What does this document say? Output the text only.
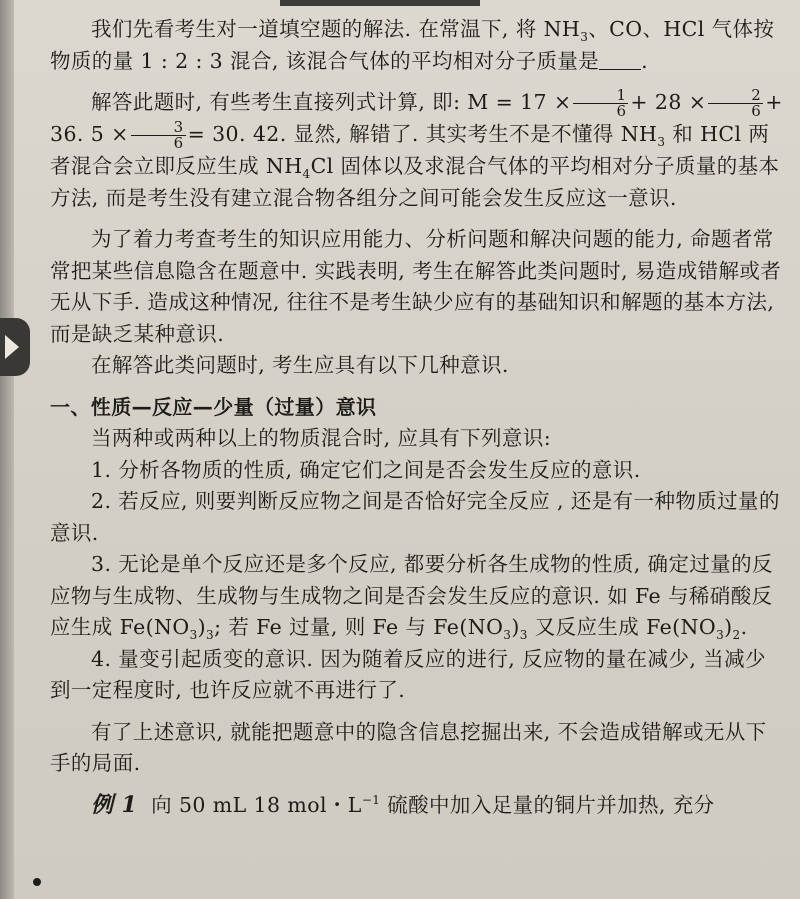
我们先看考生对一道填空题的解法. 在常温下, 将 $NH_3$、CO、HCl 气体按物质的量 1 : 2 : 3 混合, 该混合气体的平均相对分子质量是 .

解答此题时, 有些考生直接列式计算, 即: $M = 17 \times \frac{1}{6} + 28 \times \frac{2}{6} + 36$. $5 \times \frac{3}{6} = 30$. 42. 显然, 解错了. 其实考生不是不懂得 $NH_3$ 和 HCl 两者混合会立即反应生成 $NH_4Cl$ 固体以及求混合气体的平均相对分子质量的基本方法, 而是考生没有建立混合物各组分之间可能会发生反应这一意识.

为了着力考查考生的知识应用能力、分析问题和解决问题的能力, 命题者常常把某些信息隐含在题意中. 实践表明, 考生在解答此类问题时, 易造成错解或者无从下手. 造成这种情况, 往往不是考生缺少应有的基础知识和解题的基本方法, 而是缺乏某种意识.

在解答此类问题时, 考生应具有以下几种意识.

一、性质—反应—少量（过量）意识

当两种或两种以上的物质混合时, 应具有下列意识:

1. 分析各物质的性质, 确定它们之间是否会发生反应的意识.

2. 若反应, 则要判断反应物之间是否恰好完全反应 , 还是有一种物质过量的意识.

3. 无论是单个反应还是多个反应, 都要分析各生成物的性质, 确定过量的反应物与生成物、生成物与生成物之间是否会发生反应的意识. 如 Fe 与稀硝酸反应生成 $Fe(NO_3)_3$; 若 Fe 过量, 则 Fe 与 $Fe(NO_3)_3$ 又反应生成 $Fe(NO_3)_2$.

4. 量变引起质变的意识. 因为随着反应的进行, 反应物的量在减少, 当减少到一定程度时, 也许反应就不再进行了.

有了上述意识, 就能把题意中的隐含信息挖掘出来, 不会造成错解或无从下手的局面.

例 1 向 50 mL 18 mol・$L^{-1}$ 硫酸中加入足量的铜片并加热, 充分
